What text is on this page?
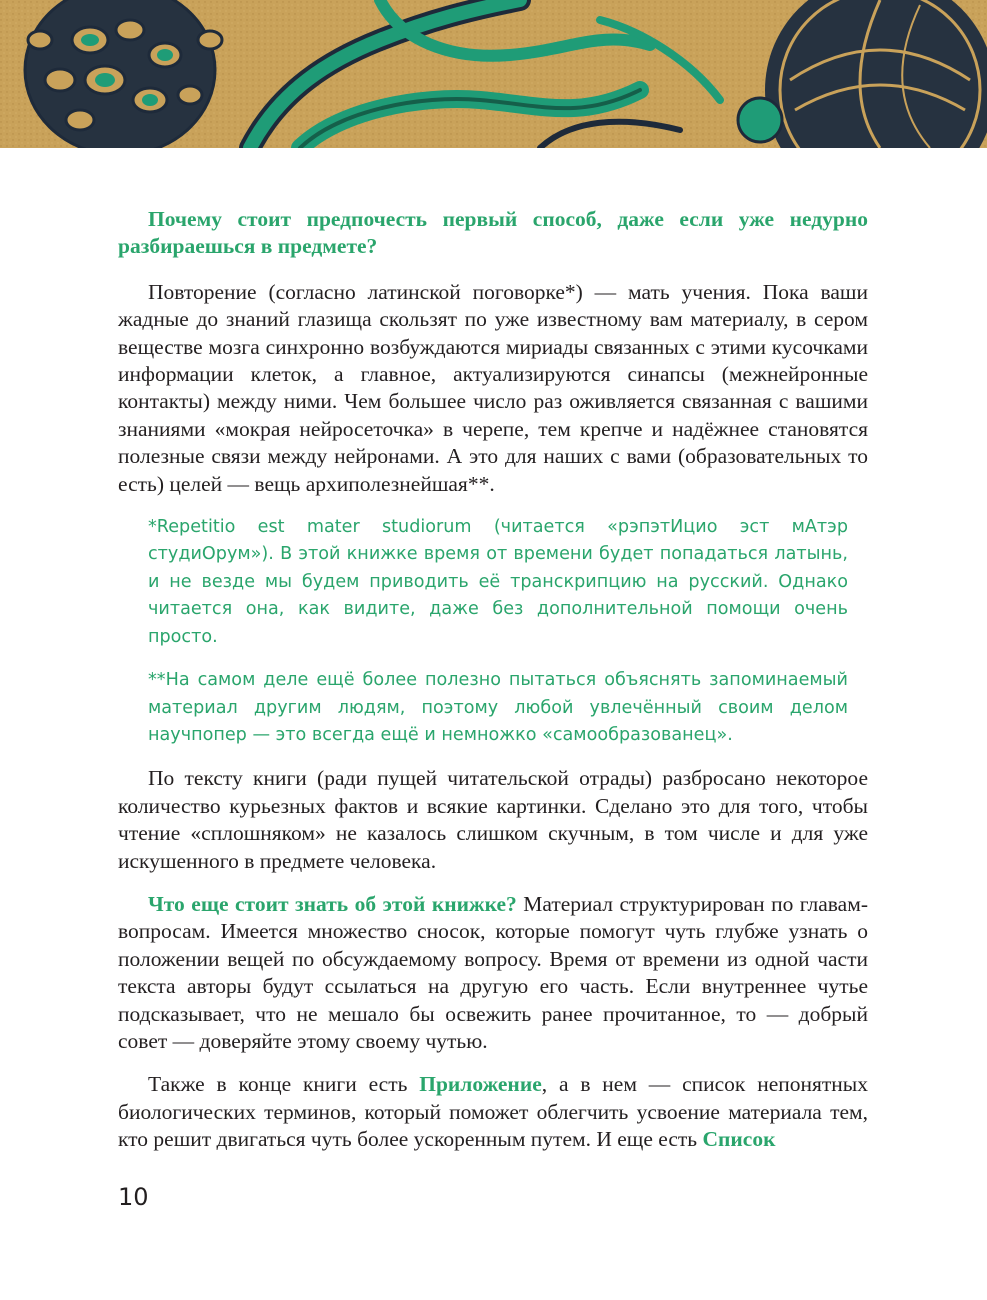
Почему стоит предпочесть первый способ, даже если уже недурно разбираешься в предмете?

Повторение (согласно латинской поговорке*) — мать учения. Пока ваши жадные до знаний глазища скользят по уже известному вам материалу, в сером веществе мозга синхронно возбуждаются мириады связанных с этими кусочками информации клеток, а главное, актуализируются синапсы (межнейронные контакты) между ними. Чем большее число раз оживляется связанная с вашими знаниями «мокрая нейросеточка» в черепе, тем крепче и надёжнее становятся полезные связи между нейронами. А это для наших с вами (образовательных то есть) целей — вещь архиполезнейшая**.

*Repetitio est mater studiorum (читается «рэпэтИцио эст мАтэр студиОрум»). В этой книжке время от времени будет попадаться латынь, и не везде мы будем приводить её транскрипцию на русский. Однако читается она, как видите, даже без дополнительной помощи очень просто.

**На самом деле ещё более полезно пытаться объяснять запоминаемый материал другим людям, поэтому любой увлечённый своим делом научпопер — это всегда ещё и немножко «самообразованец».

По тексту книги (ради пущей читательской отрады) разбросано некоторое количество курьезных фактов и всякие картинки. Сделано это для того, чтобы чтение «сплошняком» не казалось слишком скучным, в том числе и для уже искушенного в предмете человека.

Что еще стоит знать об этой книжке? Материал структурирован по главам-вопросам. Имеется множество сносок, которые помогут чуть глубже узнать о положении вещей по обсуждаемому вопросу. Время от времени из одной части текста авторы будут ссылаться на другую его часть. Если внутреннее чутье подсказывает, что не мешало бы освежить ранее прочитанное, то — добрый совет — доверяйте этому своему чутью.

Также в конце книги есть Приложение, а в нем — список непонятных биологических терминов, который поможет облегчить усвоение материала тем, кто решит двигаться чуть более ускоренным путем. И еще есть Список

10
